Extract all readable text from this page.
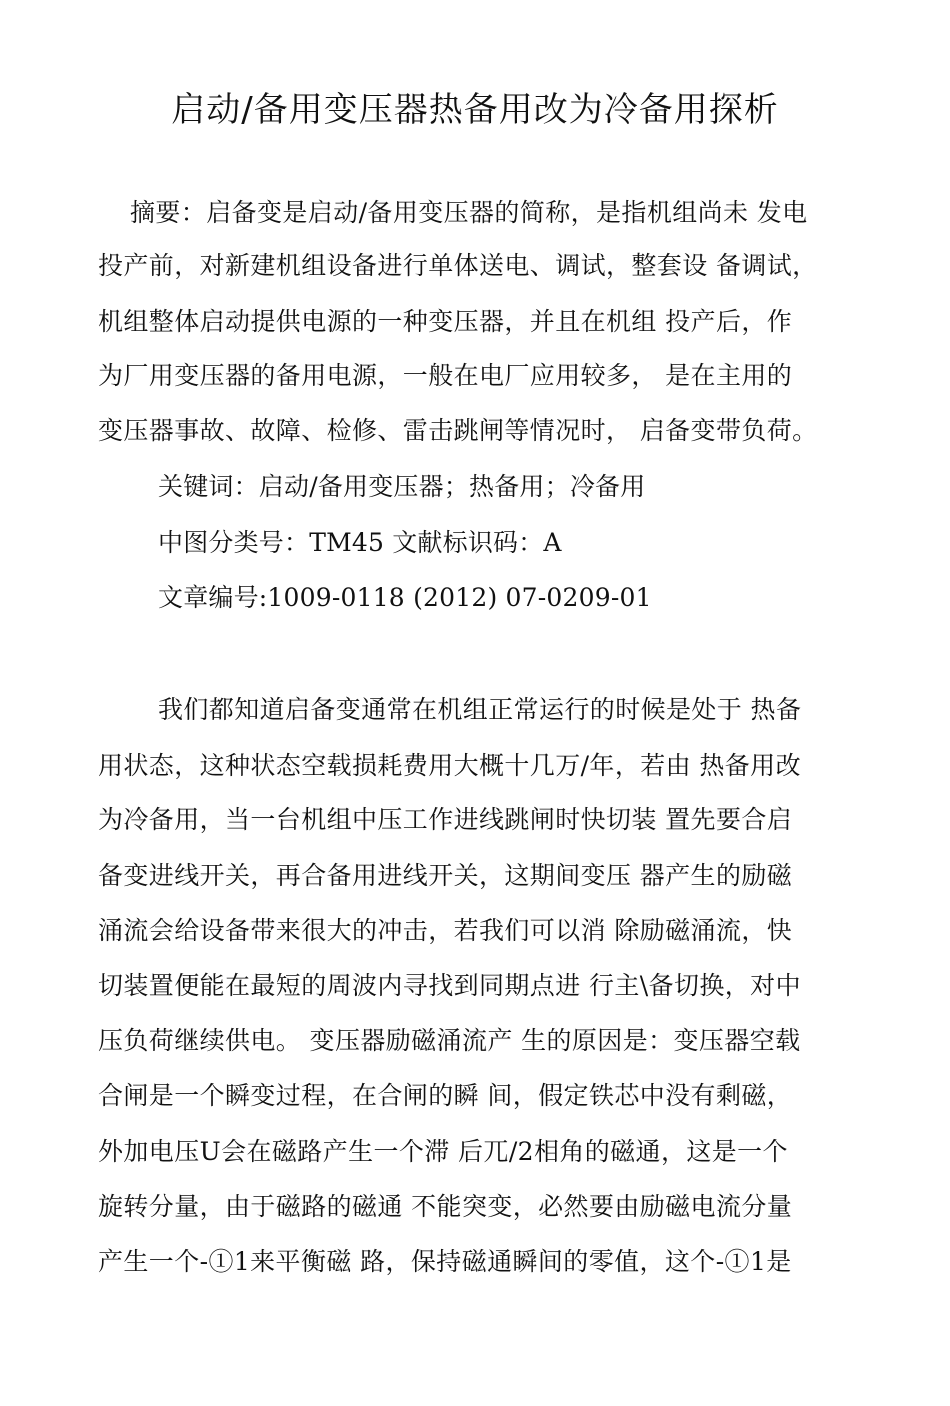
启动/备用变压器热备用改为冷备用探析

摘要：启备变是启动/备用变压器的简称，是指机组尚未 发电

投产前，对新建机组设备进行单体送电、调试，整套设 备调试，

机组整体启动提供电源的一种变压器，并且在机组 投产后，作

为厂用变压器的备用电源，一般在电厂应用较多， 是在主用的

变压器事故、故障、检修、雷击跳闸等情况时， 启备变带负荷。

关键词：启动/备用变压器；热备用；冷备用

中图分类号：TM45 文献标识码：A

文章编号:1009-0118 (2012) 07-0209-01

我们都知道启备变通常在机组正常运行的时候是处于 热备

用状态，这种状态空载损耗费用大概十几万/年，若由 热备用改

为冷备用，当一台机组中压工作进线跳闸时快切装 置先要合启

备变进线开关，再合备用进线开关，这期间变压 器产生的励磁

涌流会给设备带来很大的冲击，若我们可以消 除励磁涌流，快

切装置便能在最短的周波内寻找到同期点进 行主\备切换，对中

压负荷继续供电。 变压器励磁涌流产 生的原因是：变压器空载

合闸是一个瞬变过程，在合闸的瞬 间，假定铁芯中没有剩磁，

外加电压U会在磁路产生一个滞 后兀/2相角的磁通，这是一个

旋转分量，由于磁路的磁通 不能突变，必然要由励磁电流分量

产生一个-①1来平衡磁 路，保持磁通瞬间的零值，这个-①1是
